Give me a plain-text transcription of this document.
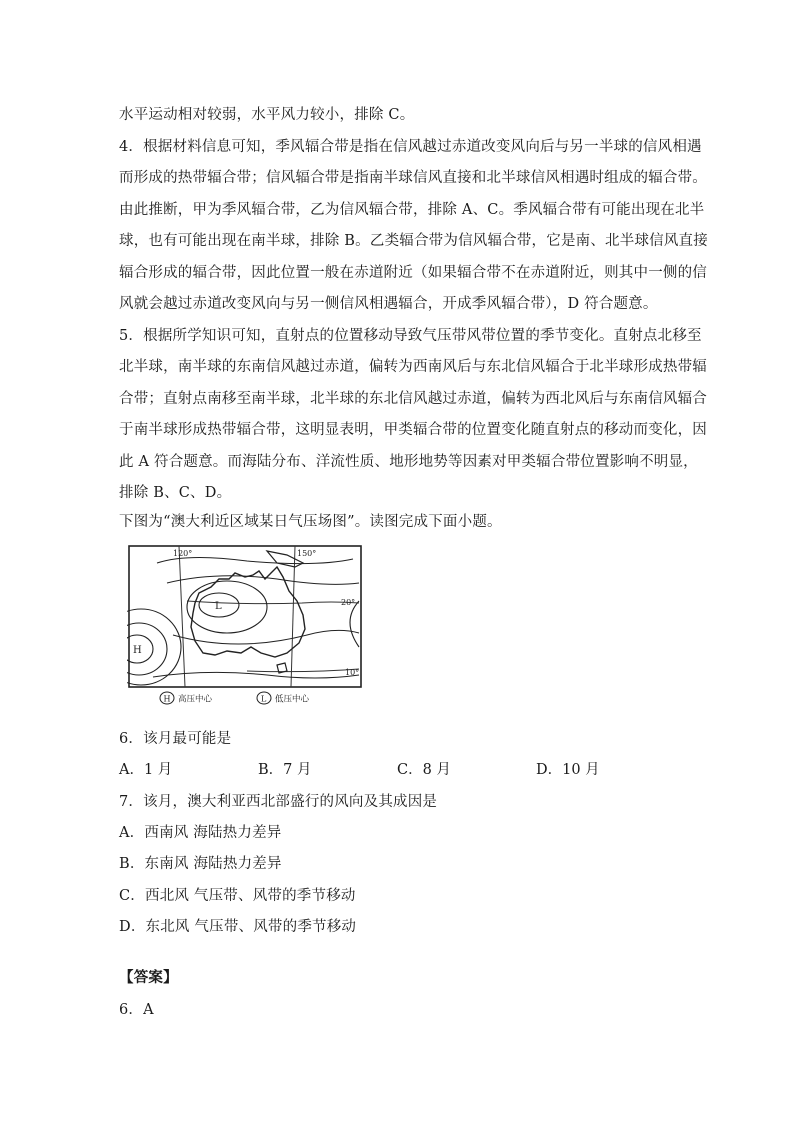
水平运动相对较弱，水平风力较小，排除 C。
4．根据材料信息可知，季风辐合带是指在信风越过赤道改变风向后与另一半球的信风相遇
而形成的热带辐合带；信风辐合带是指南半球信风直接和北半球信风相遇时组成的辐合带。
由此推断，甲为季风辐合带，乙为信风辐合带，排除 A、C。季风辐合带有可能出现在北半
球，也有可能出现在南半球，排除 B。乙类辐合带为信风辐合带，它是南、北半球信风直接
辐合形成的辐合带，因此位置一般在赤道附近（如果辐合带不在赤道附近，则其中一侧的信
风就会越过赤道改变风向与另一侧信风相遇辐合，开成季风辐合带），D 符合题意。
5．根据所学知识可知，直射点的位置移动导致气压带风带位置的季节变化。直射点北移至
北半球，南半球的东南信风越过赤道，偏转为西南风后与东北信风辐合于北半球形成热带辐
合带；直射点南移至南半球，北半球的东北信风越过赤道，偏转为西北风后与东南信风辐合
于南半球形成热带辐合带，这明显表明，甲类辐合带的位置变化随直射点的移动而变化，因
此 A 符合题意。而海陆分布、洋流性质、地形地势等因素对甲类辐合带位置影响不明显，
排除 B、C、D。
下图为“澳大利近区域某日气压场图”。读图完成下面小题。
120°	150°
20°
10°
L
H
H 高压中心	L 低压中心
6．该月最可能是
A．1 月	B．7 月	C．8 月	D．10 月
7．该月，澳大利亚西北部盛行的风向及其成因是
A．西南风 海陆热力差异
B．东南风 海陆热力差异
C．西北风 气压带、风带的季节移动
D．东北风 气压带、风带的季节移动
【答案】
6．A
